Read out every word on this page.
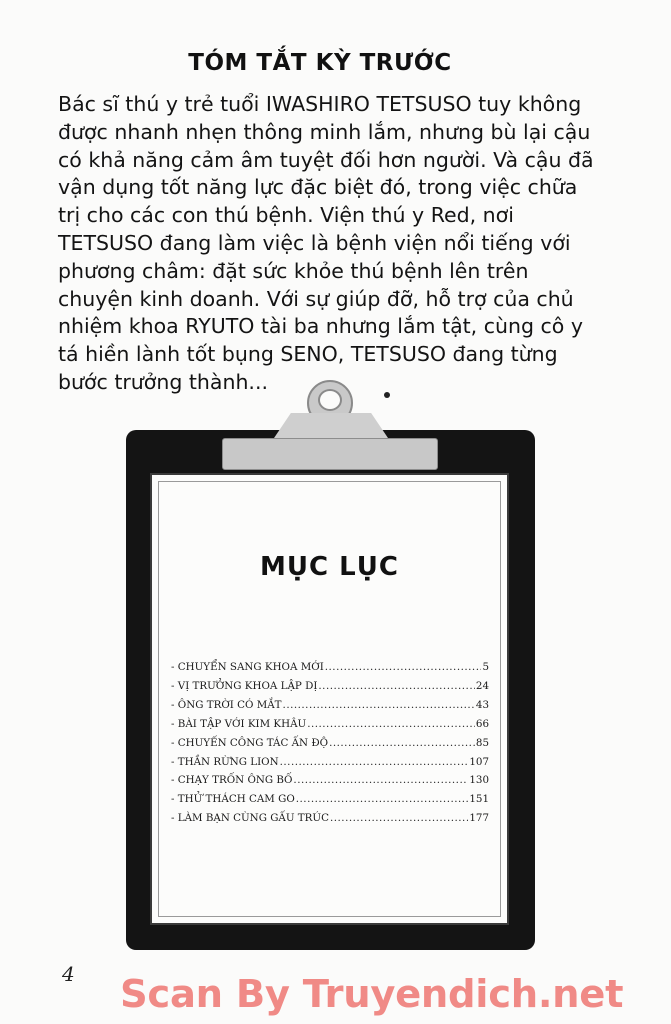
TÓM TẮT KỲ TRƯỚC
Bác sĩ thú y trẻ tuổi IWASHIRO TETSUSO tuy không
được nhanh nhẹn thông minh lắm, nhưng bù lại cậu
có khả năng cảm âm tuyệt đối hơn người. Và cậu đã
vận dụng tốt năng lực đặc biệt đó, trong việc chữa
trị cho các con thú bệnh. Viện thú y Red, nơi
TETSUSO đang làm việc là bệnh viện nổi tiếng với
phương châm: đặt sức khỏe thú bệnh lên trên
chuyện kinh doanh. Với sự giúp đỡ, hỗ trợ của chủ
nhiệm khoa RYUTO tài ba nhưng lắm tật, cùng cô y
tá hiền lành tốt bụng SENO, TETSUSO đang từng
bước trưởng thành...
MỤC LỤC
- CHUYỂN SANG KHOA MỚI .....	5
- VỊ TRƯỞNG KHOA LẬP DỊ .....	24
- ÔNG TRỜI CÓ MẮT .....	43
- BÀI TẬP VỚI KIM KHÂU .....	66
- CHUYẾN CÔNG TÁC ẤN ĐỘ .....	85
- THẦN RỪNG LION .....	107
- CHẠY TRỐN ÔNG BỐ .....	130
- THỬ THÁCH CAM GO .....	151
- LÀM BẠN CÙNG GẤU TRÚC .....	177
4 Scan By Truyendich.net
